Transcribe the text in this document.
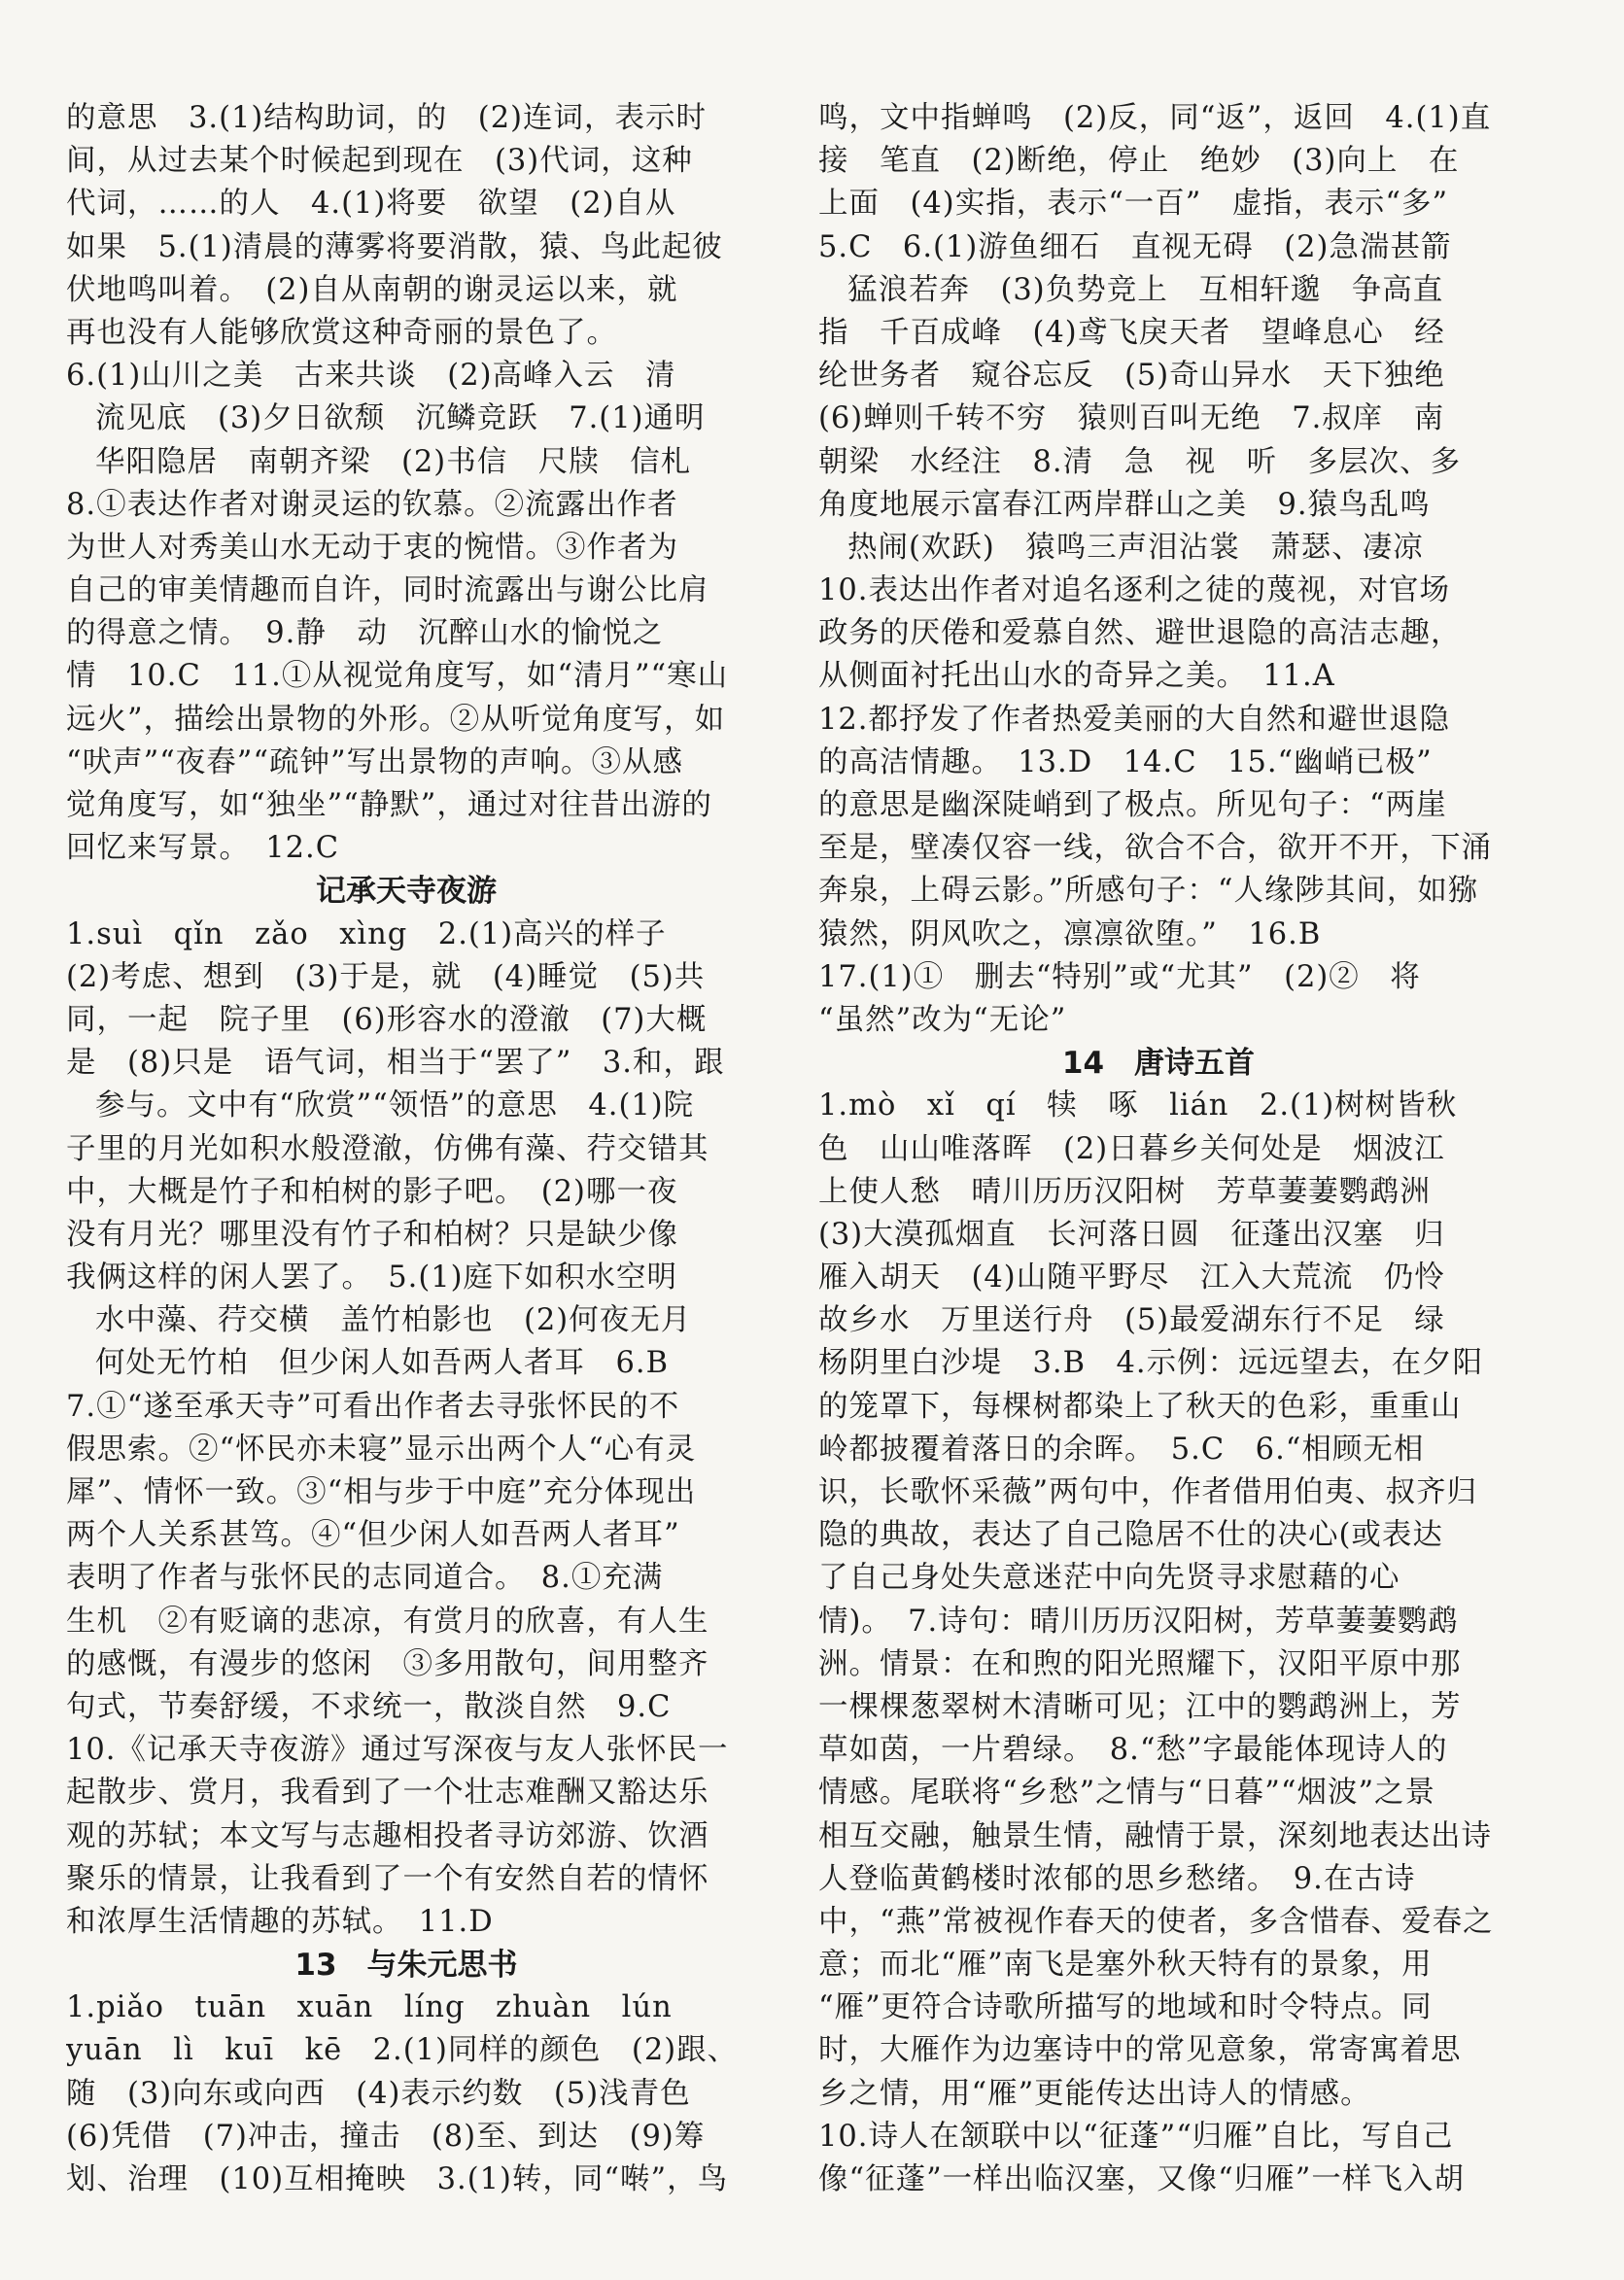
的意思　3.(1)结构助词，的　(2)连词，表示时
间，从过去某个时候起到现在　(3)代词，这种
代词，……的人　4.(1)将要　欲望　(2)自从
如果　5.(1)清晨的薄雾将要消散，猿、鸟此起彼
伏地鸣叫着。　(2)自从南朝的谢灵运以来，就
再也没有人能够欣赏这种奇丽的景色了。
6.(1)山川之美　古来共谈　(2)高峰入云　清
流见底　(3)夕日欲颓　沉鳞竞跃　7.(1)通明
华阳隐居　南朝齐梁　(2)书信　尺牍　信札
8.①表达作者对谢灵运的钦慕。②流露出作者
为世人对秀美山水无动于衷的惋惜。③作者为
自己的审美情趣而自许，同时流露出与谢公比肩
的得意之情。　9.静　动　沉醉山水的愉悦之
情　10.C　11.①从视觉角度写，如“清月”“寒山
远火”，描绘出景物的外形。②从听觉角度写，如
“吠声”“夜舂”“疏钟”写出景物的声响。③从感
觉角度写，如“独坐”“静默”，通过对往昔出游的
回忆来写景。　12.C
记承天寺夜游
1.suì　qǐn　zǎo　xìng　2.(1)高兴的样子
(2)考虑、想到　(3)于是，就　(4)睡觉　(5)共
同，一起　院子里　(6)形容水的澄澈　(7)大概
是　(8)只是　语气词，相当于“罢了”　3.和，跟
参与。文中有“欣赏”“领悟”的意思　4.(1)院
子里的月光如积水般澄澈，仿佛有藻、荇交错其
中，大概是竹子和柏树的影子吧。　(2)哪一夜
没有月光？哪里没有竹子和柏树？只是缺少像
我俩这样的闲人罢了。　5.(1)庭下如积水空明
水中藻、荇交横　盖竹柏影也　(2)何夜无月
何处无竹柏　但少闲人如吾两人者耳　6.B
7.①“遂至承天寺”可看出作者去寻张怀民的不
假思索。②“怀民亦未寝”显示出两个人“心有灵
犀”、情怀一致。③“相与步于中庭”充分体现出
两个人关系甚笃。④“但少闲人如吾两人者耳”
表明了作者与张怀民的志同道合。　8.①充满
生机　②有贬谪的悲凉，有赏月的欣喜，有人生
的感慨，有漫步的悠闲　③多用散句，间用整齐
句式，节奏舒缓，不求统一，散淡自然　9.C
10.《记承天寺夜游》通过写深夜与友人张怀民一
起散步、赏月，我看到了一个壮志难酬又豁达乐
观的苏轼；本文写与志趣相投者寻访郊游、饮酒
聚乐的情景，让我看到了一个有安然自若的情怀
和浓厚生活情趣的苏轼。　11.D
13　与朱元思书
1.piǎo　tuān　xuān　líng　zhuàn　lún
yuān　lì　kuī　kē　2.(1)同样的颜色　(2)跟、
随　(3)向东或向西　(4)表示约数　(5)浅青色
(6)凭借　(7)冲击，撞击　(8)至、到达　(9)筹
划、治理　(10)互相掩映　3.(1)转，同“啭”，鸟
鸣，文中指蝉鸣　(2)反，同“返”，返回　4.(1)直
接　笔直　(2)断绝，停止　绝妙　(3)向上　在
上面　(4)实指，表示“一百”　虚指，表示“多”
5.C　6.(1)游鱼细石　直视无碍　(2)急湍甚箭
猛浪若奔　(3)负势竞上　互相轩邈　争高直
指　千百成峰　(4)鸢飞戾天者　望峰息心　经
纶世务者　窥谷忘反　(5)奇山异水　天下独绝
(6)蝉则千转不穷　猿则百叫无绝　7.叔庠　南
朝梁　水经注　8.清　急　视　听　多层次、多
角度地展示富春江两岸群山之美　9.猿鸟乱鸣
热闹(欢跃)　猿鸣三声泪沾裳　萧瑟、凄凉
10.表达出作者对追名逐利之徒的蔑视，对官场
政务的厌倦和爱慕自然、避世退隐的高洁志趣，
从侧面衬托出山水的奇异之美。　11.A
12.都抒发了作者热爱美丽的大自然和避世退隐
的高洁情趣。　13.D　14.C　15.“幽峭已极”
的意思是幽深陡峭到了极点。所见句子：“两崖
至是，壁凑仅容一线，欲合不合，欲开不开，下涌
奔泉，上碍云影。”所感句子：“人缘陟其间，如猕
猿然，阴风吹之，凛凛欲堕。”　16.B
17.(1)①　删去“特别”或“尤其”　(2)②　将
“虽然”改为“无论”
14　唐诗五首
1.mò　xǐ　qí　犊　啄　lián　2.(1)树树皆秋
色　山山唯落晖　(2)日暮乡关何处是　烟波江
上使人愁　晴川历历汉阳树　芳草萋萋鹦鹉洲
(3)大漠孤烟直　长河落日圆　征蓬出汉塞　归
雁入胡天　(4)山随平野尽　江入大荒流　仍怜
故乡水　万里送行舟　(5)最爱湖东行不足　绿
杨阴里白沙堤　3.B　4.示例：远远望去，在夕阳
的笼罩下，每棵树都染上了秋天的色彩，重重山
岭都披覆着落日的余晖。　5.C　6.“相顾无相
识，长歌怀采薇”两句中，作者借用伯夷、叔齐归
隐的典故，表达了自己隐居不仕的决心(或表达
了自己身处失意迷茫中向先贤寻求慰藉的心
情)。　7.诗句：晴川历历汉阳树，芳草萋萋鹦鹉
洲。情景：在和煦的阳光照耀下，汉阳平原中那
一棵棵葱翠树木清晰可见；江中的鹦鹉洲上，芳
草如茵，一片碧绿。　8.“愁”字最能体现诗人的
情感。尾联将“乡愁”之情与“日暮”“烟波”之景
相互交融，触景生情，融情于景，深刻地表达出诗
人登临黄鹤楼时浓郁的思乡愁绪。　9.在古诗
中，“燕”常被视作春天的使者，多含惜春、爱春之
意；而北“雁”南飞是塞外秋天特有的景象，用
“雁”更符合诗歌所描写的地域和时令特点。同
时，大雁作为边塞诗中的常见意象，常寄寓着思
乡之情，用“雁”更能传达出诗人的情感。
10.诗人在颔联中以“征蓬”“归雁”自比，写自己
像“征蓬”一样出临汉塞，又像“归雁”一样飞入胡
